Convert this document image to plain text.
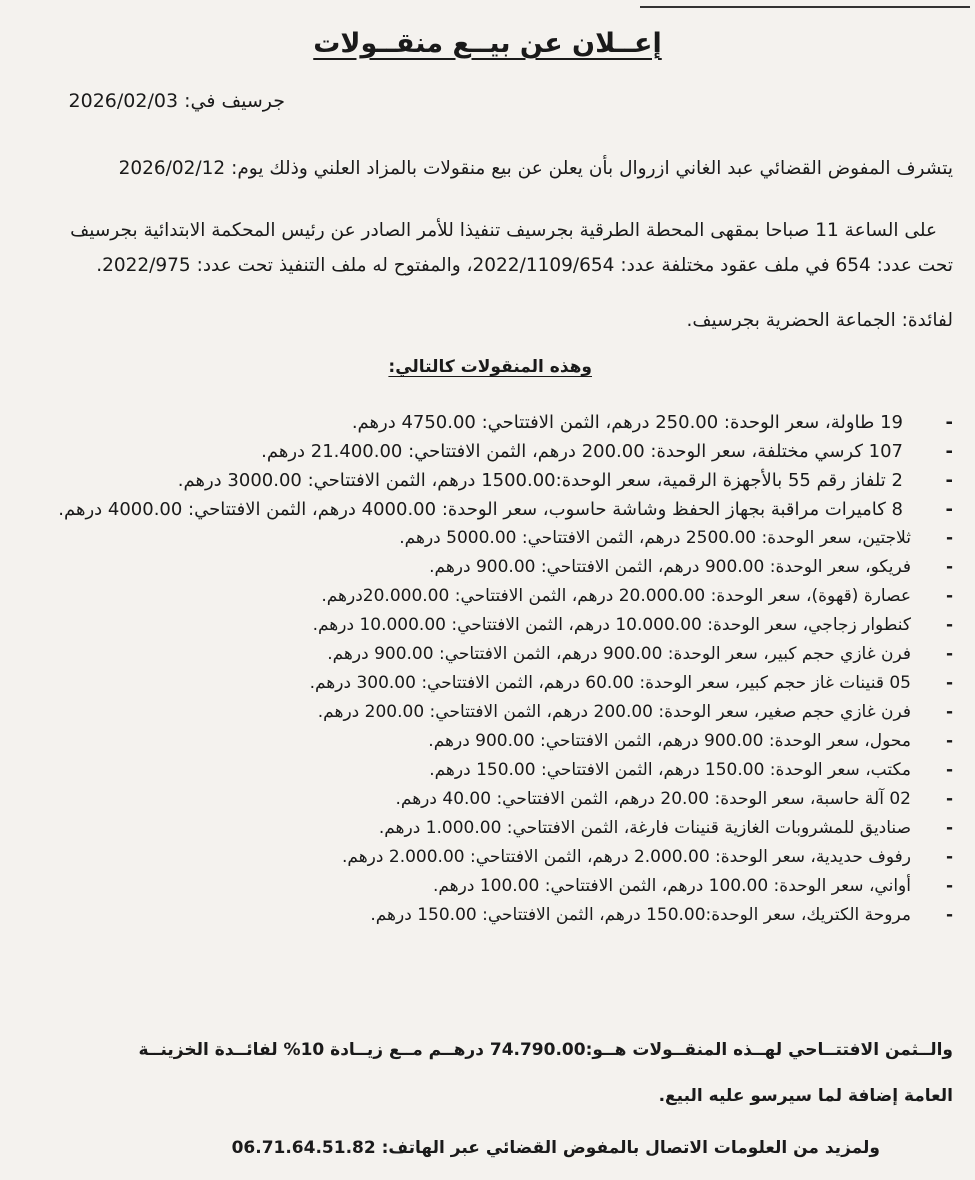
إعــلان عن بيــع منقــولات
جرسيف في: 2026/02/03
يتشرف المفوض القضائي عبد الغاني ازروال بأن يعلن عن بيع منقولات بالمزاد العلني وذلك يوم: 2026/02/12
على الساعة 11 صباحا بمقهى المحطة الطرقية بجرسيف تنفيذا للأمر الصادر عن رئيس المحكمة الابتدائية بجرسيف
تحت عدد: 654 في ملف عقود مختلفة عدد: 2022/1109/654، والمفتوح له ملف التنفيذ تحت عدد: 2022/975.
لفائدة: الجماعة الحضرية بجرسيف.
وهذه المنقولات كالتالي:
-
19 طاولة، سعر الوحدة: 250.00 درهم، الثمن الافتتاحي: 4750.00 درهم.
-
107 كرسي مختلفة، سعر الوحدة: 200.00 درهم، الثمن الافتتاحي: 21.400.00 درهم.
-
2 تلفاز رقم 55 بالأجهزة الرقمية، سعر الوحدة:1500.00 درهم، الثمن الافتتاحي: 3000.00 درهم.
-
8 كاميرات مراقبة بجهاز الحفظ وشاشة حاسوب، سعر الوحدة: 4000.00 درهم، الثمن الافتتاحي: 4000.00 درهم.
-
ثلاجتين، سعر الوحدة: 2500.00 درهم، الثمن الافتتاحي: 5000.00 درهم.
-
فريكو، سعر الوحدة: 900.00 درهم، الثمن الافتتاحي: 900.00 درهم.
-
عصارة (قهوة)، سعر الوحدة: 20.000.00 درهم، الثمن الافتتاحي: 20.000.00درهم.
-
كنطوار زجاجي، سعر الوحدة: 10.000.00 درهم، الثمن الافتتاحي: 10.000.00 درهم.
-
فرن غازي حجم كبير، سعر الوحدة: 900.00 درهم، الثمن الافتتاحي: 900.00 درهم.
-
05 قنينات غاز حجم كبير، سعر الوحدة: 60.00 درهم، الثمن الافتتاحي: 300.00 درهم.
-
فرن غازي حجم صغير، سعر الوحدة: 200.00 درهم، الثمن الافتتاحي: 200.00 درهم.
-
محول، سعر الوحدة: 900.00 درهم، الثمن الافتتاحي: 900.00 درهم.
-
مكتب، سعر الوحدة: 150.00 درهم، الثمن الافتتاحي: 150.00 درهم.
-
02 آلة حاسبة، سعر الوحدة: 20.00 درهم، الثمن الافتتاحي: 40.00 درهم.
-
صناديق للمشروبات الغازية قنينات فارغة، الثمن الافتتاحي: 1.000.00 درهم.
-
رفوف حديدية، سعر الوحدة: 2.000.00 درهم، الثمن الافتتاحي: 2.000.00 درهم.
-
أواني، سعر الوحدة: 100.00 درهم، الثمن الافتتاحي: 100.00 درهم.
-
مروحة الكتريك، سعر الوحدة:150.00 درهم، الثمن الافتتاحي: 150.00 درهم.
والــثمن الافتتــاحي لهــذه المنقــولات هــو:74.790.00 درهــم مــع زيــادة 10% لفائــدة الخزينــة
العامة إضافة لما سيرسو عليه البيع.
ولمزيد من العلومات الاتصال بالمفوض القضائي عبر الهاتف: 06.71.64.51.82
